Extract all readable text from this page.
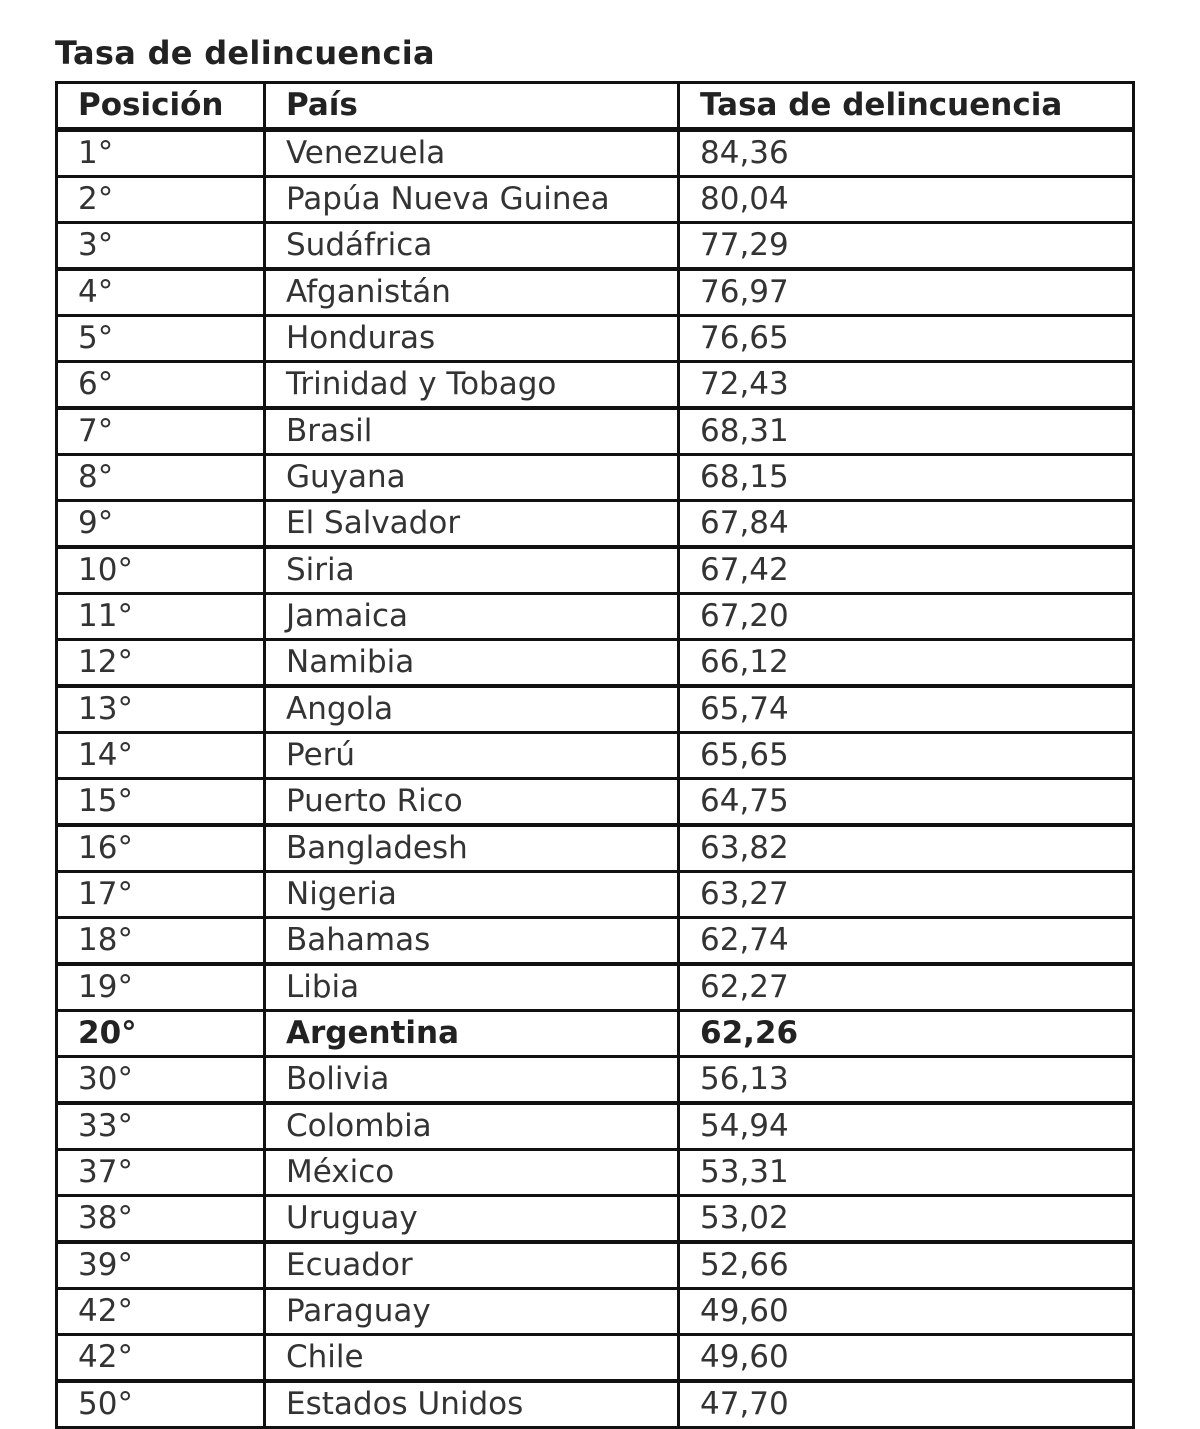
Tasa de delincuencia
Posición	País	Tasa de delincuencia
1°	Venezuela	84,36
2°	Papúa Nueva Guinea	80,04
3°	Sudáfrica	77,29
4°	Afganistán	76,97
5°	Honduras	76,65
6°	Trinidad y Tobago	72,43
7°	Brasil	68,31
8°	Guyana	68,15
9°	El Salvador	67,84
10°	Siria	67,42
11°	Jamaica	67,20
12°	Namibia	66,12
13°	Angola	65,74
14°	Perú	65,65
15°	Puerto Rico	64,75
16°	Bangladesh	63,82
17°	Nigeria	63,27
18°	Bahamas	62,74
19°	Libia	62,27
20°	Argentina	62,26
30°	Bolivia	56,13
33°	Colombia	54,94
37°	México	53,31
38°	Uruguay	53,02
39°	Ecuador	52,66
42°	Paraguay	49,60
42°	Chile	49,60
50°	Estados Unidos	47,70
